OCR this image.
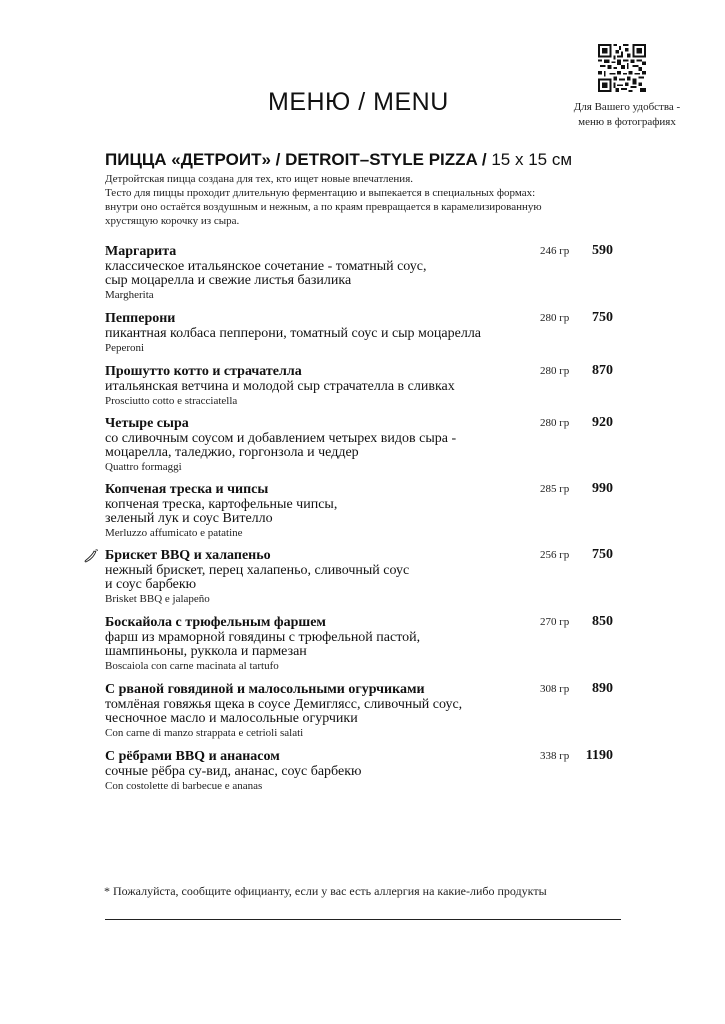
МЕНЮ / MENU	Для Вашего удобства - меню в фотографиях
ПИЦЦА «ДЕТРОИТ» / DETROIT–STYLE PIZZA / 15 х 15 см
Детройтская пицца создана для тех, кто ищет новые впечатления.
Тесто для пиццы проходит длительную ферментацию и выпекается в специальных формах:
внутри оно остаётся воздушным и нежным, а по краям превращается в карамелизированную
хрустящую корочку из сыра.
Маргарита
классическое итальянское сочетание - томатный соус,
сыр моцарелла и свежие листья базилика
Margherita
246 гр 590
Пепперони
пикантная колбаса пепперони, томатный соус и сыр моцарелла
Peperoni
280 гр 750
Прошутто котто и страчателла
итальянская ветчина и молодой сыр страчателла в сливках
Prosciutto cotto e stracciatella
280 гр 870
Четыре сыра
со сливочным соусом и добавлением четырех видов сыра -
моцарелла, таледжио, горгонзола и чеддер
Quattro formaggi
280 гр 920
Копченая треска и чипсы
копченая треска, картофельные чипсы,
зеленый лук и соус Вителло
Merluzzo affumicato e patatine
285 гр 990
Брискет BBQ и халапеньо
нежный брискет, перец халапеньо, сливочный соус
и соус барбекю
Brisket BBQ e jalapeño
256 гр 750
Боскайола с трюфельным фаршем
фарш из мраморной говядины с трюфельной пастой,
шампиньоны, руккола и пармезан
Boscaiola con carne macinata al tartufo
270 гр 850
С рваной говядиной и малосольными огурчиками
томлёная говяжья щека в соусе Демиглясс, сливочный соус,
чесночное масло и малосольные огурчики
Con carne di manzo strappata e cetrioli salati
308 гр 890
С рёбрами BBQ и ананасом
сочные рёбра су-вид, ананас, соус барбекю
Con costolette di barbecue e ananas
338 гр 1190
* Пожалуйста, сообщите официанту, если у вас есть аллергия на какие-либо продукты
